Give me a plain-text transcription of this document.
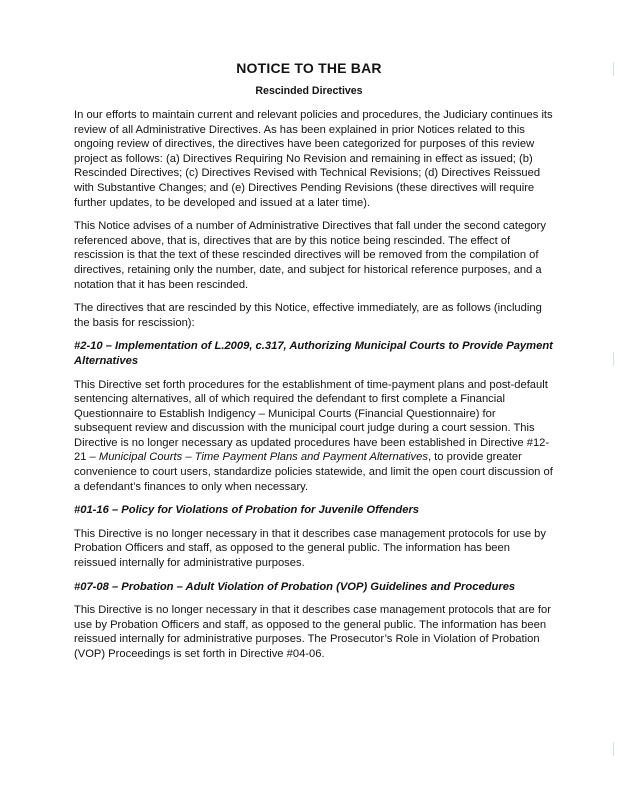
NOTICE TO THE BAR
Rescinded Directives

In our efforts to maintain current and relevant policies and procedures, the Judiciary continues its review of all Administrative Directives. As has been explained in prior Notices related to this ongoing review of directives, the directives have been categorized for purposes of this review project as follows: (a) Directives Requiring No Revision and remaining in effect as issued; (b) Rescinded Directives; (c) Directives Revised with Technical Revisions; (d) Directives Reissued with Substantive Changes; and (e) Directives Pending Revisions (these directives will require further updates, to be developed and issued at a later time).

This Notice advises of a number of Administrative Directives that fall under the second category referenced above, that is, directives that are by this notice being rescinded. The effect of rescission is that the text of these rescinded directives will be removed from the compilation of directives, retaining only the number, date, and subject for historical reference purposes, and a notation that it has been rescinded.

The directives that are rescinded by this Notice, effective immediately, are as follows (including the basis for rescission):

#2-10 – Implementation of L.2009, c.317, Authorizing Municipal Courts to Provide Payment Alternatives

This Directive set forth procedures for the establishment of time-payment plans and post-default sentencing alternatives, all of which required the defendant to first complete a Financial Questionnaire to Establish Indigency – Municipal Courts (Financial Questionnaire) for subsequent review and discussion with the municipal court judge during a court session. This Directive is no longer necessary as updated procedures have been established in Directive #12-21 – Municipal Courts – Time Payment Plans and Payment Alternatives, to provide greater convenience to court users, standardize policies statewide, and limit the open court discussion of a defendant’s finances to only when necessary.

#01-16 – Policy for Violations of Probation for Juvenile Offenders

This Directive is no longer necessary in that it describes case management protocols for use by Probation Officers and staff, as opposed to the general public. The information has been reissued internally for administrative purposes.

#07-08 – Probation – Adult Violation of Probation (VOP) Guidelines and Procedures

This Directive is no longer necessary in that it describes case management protocols that are for use by Probation Officers and staff, as opposed to the general public. The information has been reissued internally for administrative purposes. The Prosecutor’s Role in Violation of Probation (VOP) Proceedings is set forth in Directive #04-06.
